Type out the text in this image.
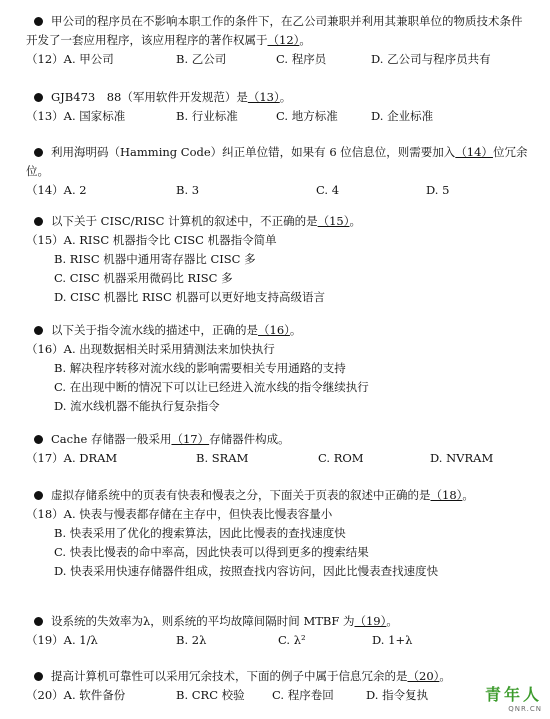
甲公司的程序员在不影响本职工作的条件下，在乙公司兼职并利用其兼职单位的物质技术条件开发了一套应用程序，该应用程序的著作权属于（12）。
（12）A. 甲公司	B. 乙公司	C. 程序员	D. 乙公司与程序员共有
GJB473　88（军用软件开发规范）是（13）。
（13）A. 国家标准	B. 行业标准	C. 地方标准	D. 企业标准
利用海明码（Hamming Code）纠正单位错，如果有 6 位信息位，则需要加入（14）位冗余位。
（14）A. 2	B. 3	C. 4	D. 5
以下关于 CISC/RISC 计算机的叙述中，不正确的是（15）。
（15）A. RISC 机器指令比 CISC 机器指令简单
B. RISC 机器中通用寄存器比 CISC 多
C. CISC 机器采用微码比 RISC 多
D. CISC 机器比 RISC 机器可以更好地支持高级语言
以下关于指令流水线的描述中，正确的是（16）。
（16）A. 出现数据相关时采用猜测法来加快执行
B. 解决程序转移对流水线的影响需要相关专用通路的支持
C. 在出现中断的情况下可以让已经进入流水线的指令继续执行
D. 流水线机器不能执行复杂指令
Cache 存储器一般采用（17）存储器件构成。
（17）A. DRAM	B. SRAM	C. ROM	D. NVRAM
虚拟存储系统中的页表有快表和慢表之分，下面关于页表的叙述中正确的是（18）。
（18）A. 快表与慢表都存储在主存中，但快表比慢表容量小
B. 快表采用了优化的搜索算法，因此比慢表的查找速度快
C. 快表比慢表的命中率高，因此快表可以得到更多的搜索结果
D. 快表采用快速存储器件组成，按照查找内容访问，因此比慢表查找速度快
设系统的失效率为λ，则系统的平均故障间隔时间 MTBF 为（19）。
（19）A. 1/λ	B. 2λ	C. λ²	D. 1+λ
提高计算机可靠性可以采用冗余技术，下面的例子中属于信息冗余的是（20）。
（20）A. 软件备份	B. CRC 校验 C. 程序卷回	D. 指令复执	青年人
QNR.CN
